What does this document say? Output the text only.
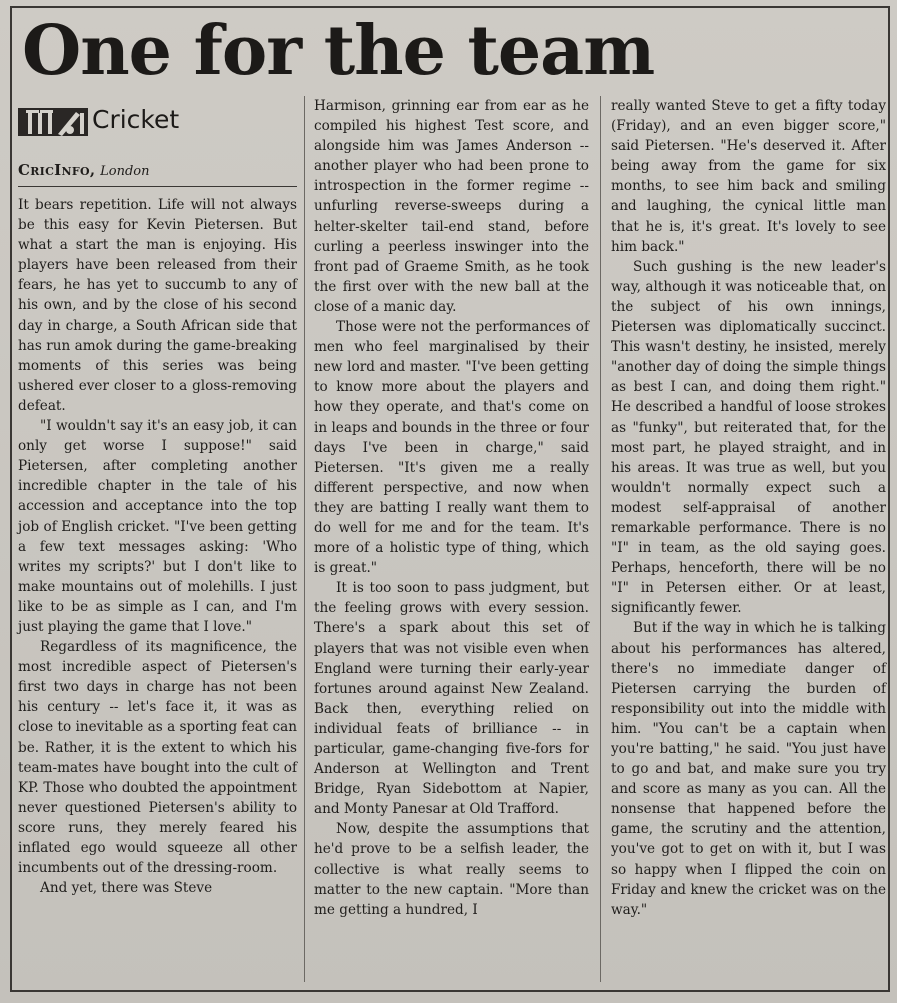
One for the team
Cricket
CricInfo, London

It bears repetition. Life will not always be this easy for Kevin Pietersen. But what a start the man is enjoying. His players have been released from their fears, he has yet to succumb to any of his own, and by the close of his second day in charge, a South African side that has run amok during the game-breaking moments of this series was being ushered ever closer to a gloss-removing defeat.

"I wouldn't say it's an easy job, it can only get worse I suppose!" said Pietersen, after completing another incredible chapter in the tale of his accession and acceptance into the top job of English cricket. "I've been getting a few text messages asking: 'Who writes my scripts?' but I don't like to make mountains out of molehills. I just like to be as simple as I can, and I'm just playing the game that I love."

Regardless of its magnificence, the most incredible aspect of Pietersen's first two days in charge has not been his century -- let's face it, it was as close to inevitable as a sporting feat can be. Rather, it is the extent to which his team-mates have bought into the cult of KP. Those who doubted the appointment never questioned Pietersen's ability to score runs, they merely feared his inflated ego would squeeze all other incumbents out of the dressing-room.

And yet, there was Steve

Harmison, grinning ear from ear as he compiled his highest Test score, and alongside him was James Anderson -- another player who had been prone to introspection in the former regime -- unfurling reverse-sweeps during a helter-skelter tail-end stand, before curling a peerless inswinger into the front pad of Graeme Smith, as he took the first over with the new ball at the close of a manic day.

Those were not the performances of men who feel marginalised by their new lord and master. "I've been getting to know more about the players and how they operate, and that's come on in leaps and bounds in the three or four days I've been in charge," said Pietersen. "It's given me a really different perspective, and now when they are batting I really want them to do well for me and for the team. It's more of a holistic type of thing, which is great."

It is too soon to pass judgment, but the feeling grows with every session. There's a spark about this set of players that was not visible even when England were turning their early-year fortunes around against New Zealand. Back then, everything relied on individual feats of brilliance -- in particular, game-changing five-fors for Anderson at Wellington and Trent Bridge, Ryan Sidebottom at Napier, and Monty Panesar at Old Trafford.

Now, despite the assumptions that he'd prove to be a selfish leader, the collective is what really seems to matter to the new captain. "More than me getting a hundred, I

really wanted Steve to get a fifty today (Friday), and an even bigger score," said Pietersen. "He's deserved it. After being away from the game for six months, to see him back and smiling and laughing, the cynical little man that he is, it's great. It's lovely to see him back."

Such gushing is the new leader's way, although it was noticeable that, on the subject of his own innings, Pietersen was diplomatically succinct. This wasn't destiny, he insisted, merely "another day of doing the simple things as best I can, and doing them right." He described a handful of loose strokes as "funky", but reiterated that, for the most part, he played straight, and in his areas. It was true as well, but you wouldn't normally expect such a modest self-appraisal of another remarkable performance. There is no "I" in team, as the old saying goes. Perhaps, henceforth, there will be no "I" in Petersen either. Or at least, significantly fewer.

But if the way in which he is talking about his performances has altered, there's no immediate danger of Pietersen carrying the burden of responsibility out into the middle with him. "You can't be a captain when you're batting," he said. "You just have to go and bat, and make sure you try and score as many as you can. All the nonsense that happened before the game, the scrutiny and the attention, you've got to get on with it, but I was so happy when I flipped the coin on Friday and knew the cricket was on the way."
